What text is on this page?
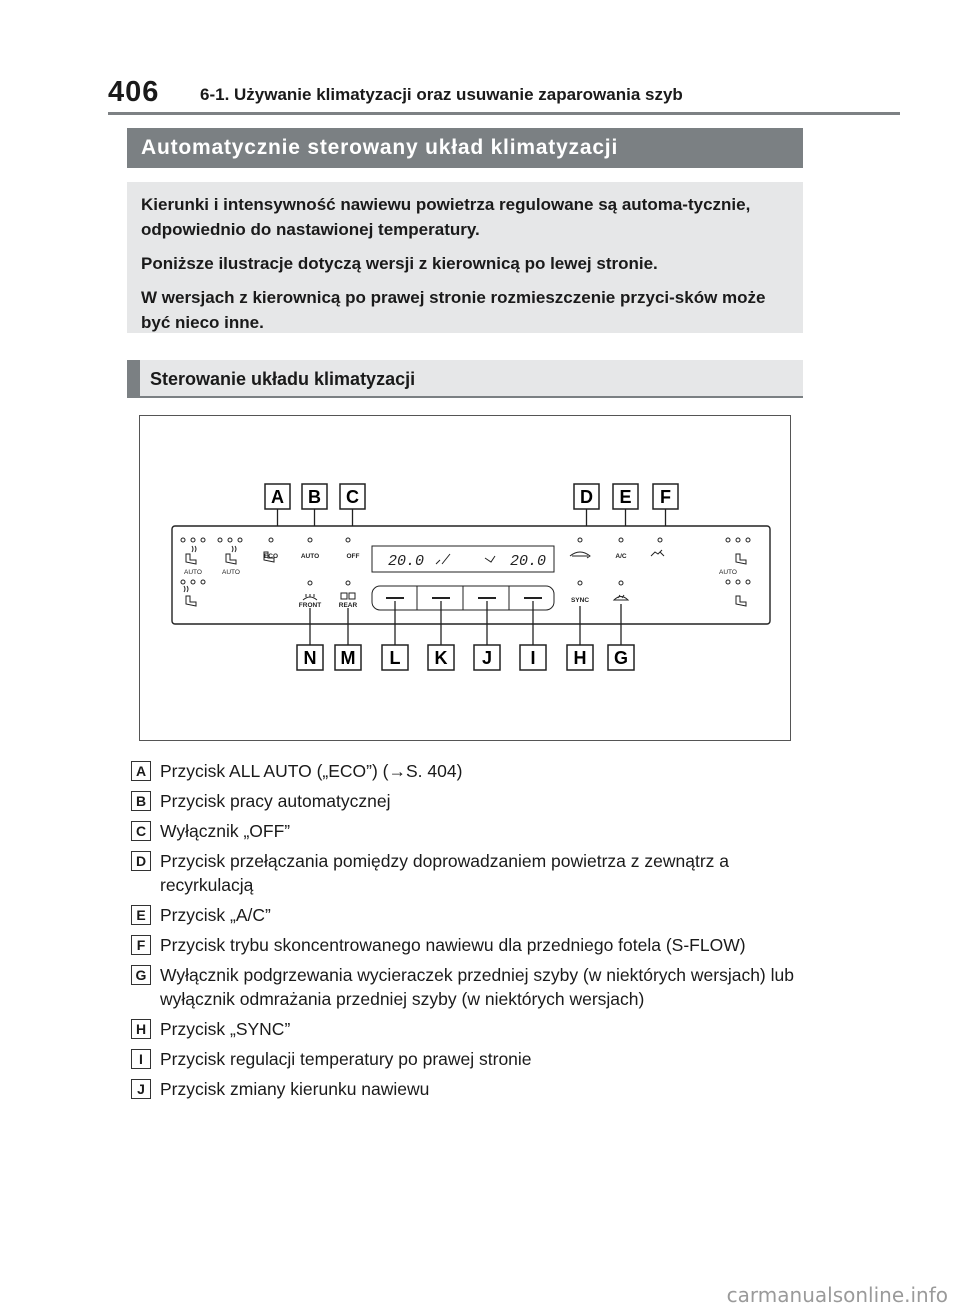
406 6-1. Używanie klimatyzacji oraz usuwanie zaparowania szyb
Automatycznie sterowany układ klimatyzacji

Kierunki i intensywność nawiewu powietrza regulowane są automa-tycznie, odpowiednio do nastawionej temperatury.

Poniższe ilustracje dotyczą wersji z kierownicą po lewej stronie.

W wersjach z kierownicą po prawej stronie rozmieszczenie przyci-sków może być nieco inne.

Sterowanie układu klimatyzacji
A B C	D E F
AUTO	AUTO	AUTO
ECO	AUTO	OFF	A/C
SYNC
FRONT	REAR
20.0	20.0
N M L K J I H G
A Przycisk ALL AUTO („ECO”) (→S. 404)
B Przycisk pracy automatycznej
C Wyłącznik „OFF”
D Przycisk przełączania pomiędzy doprowadzaniem powietrza z zewnątrz a recyrkulacją
E Przycisk „A/C”
F Przycisk trybu skoncentrowanego nawiewu dla przedniego fotela (S-FLOW)
G Wyłącznik podgrzewania wycieraczek przedniej szyby (w niektórych wersjach) lub wyłącznik odmrażania przedniej szyby (w niektórych wersjach)
H Przycisk „SYNC”
I Przycisk regulacji temperatury po prawej stronie
J Przycisk zmiany kierunku nawiewu
carmanualsonline.info
